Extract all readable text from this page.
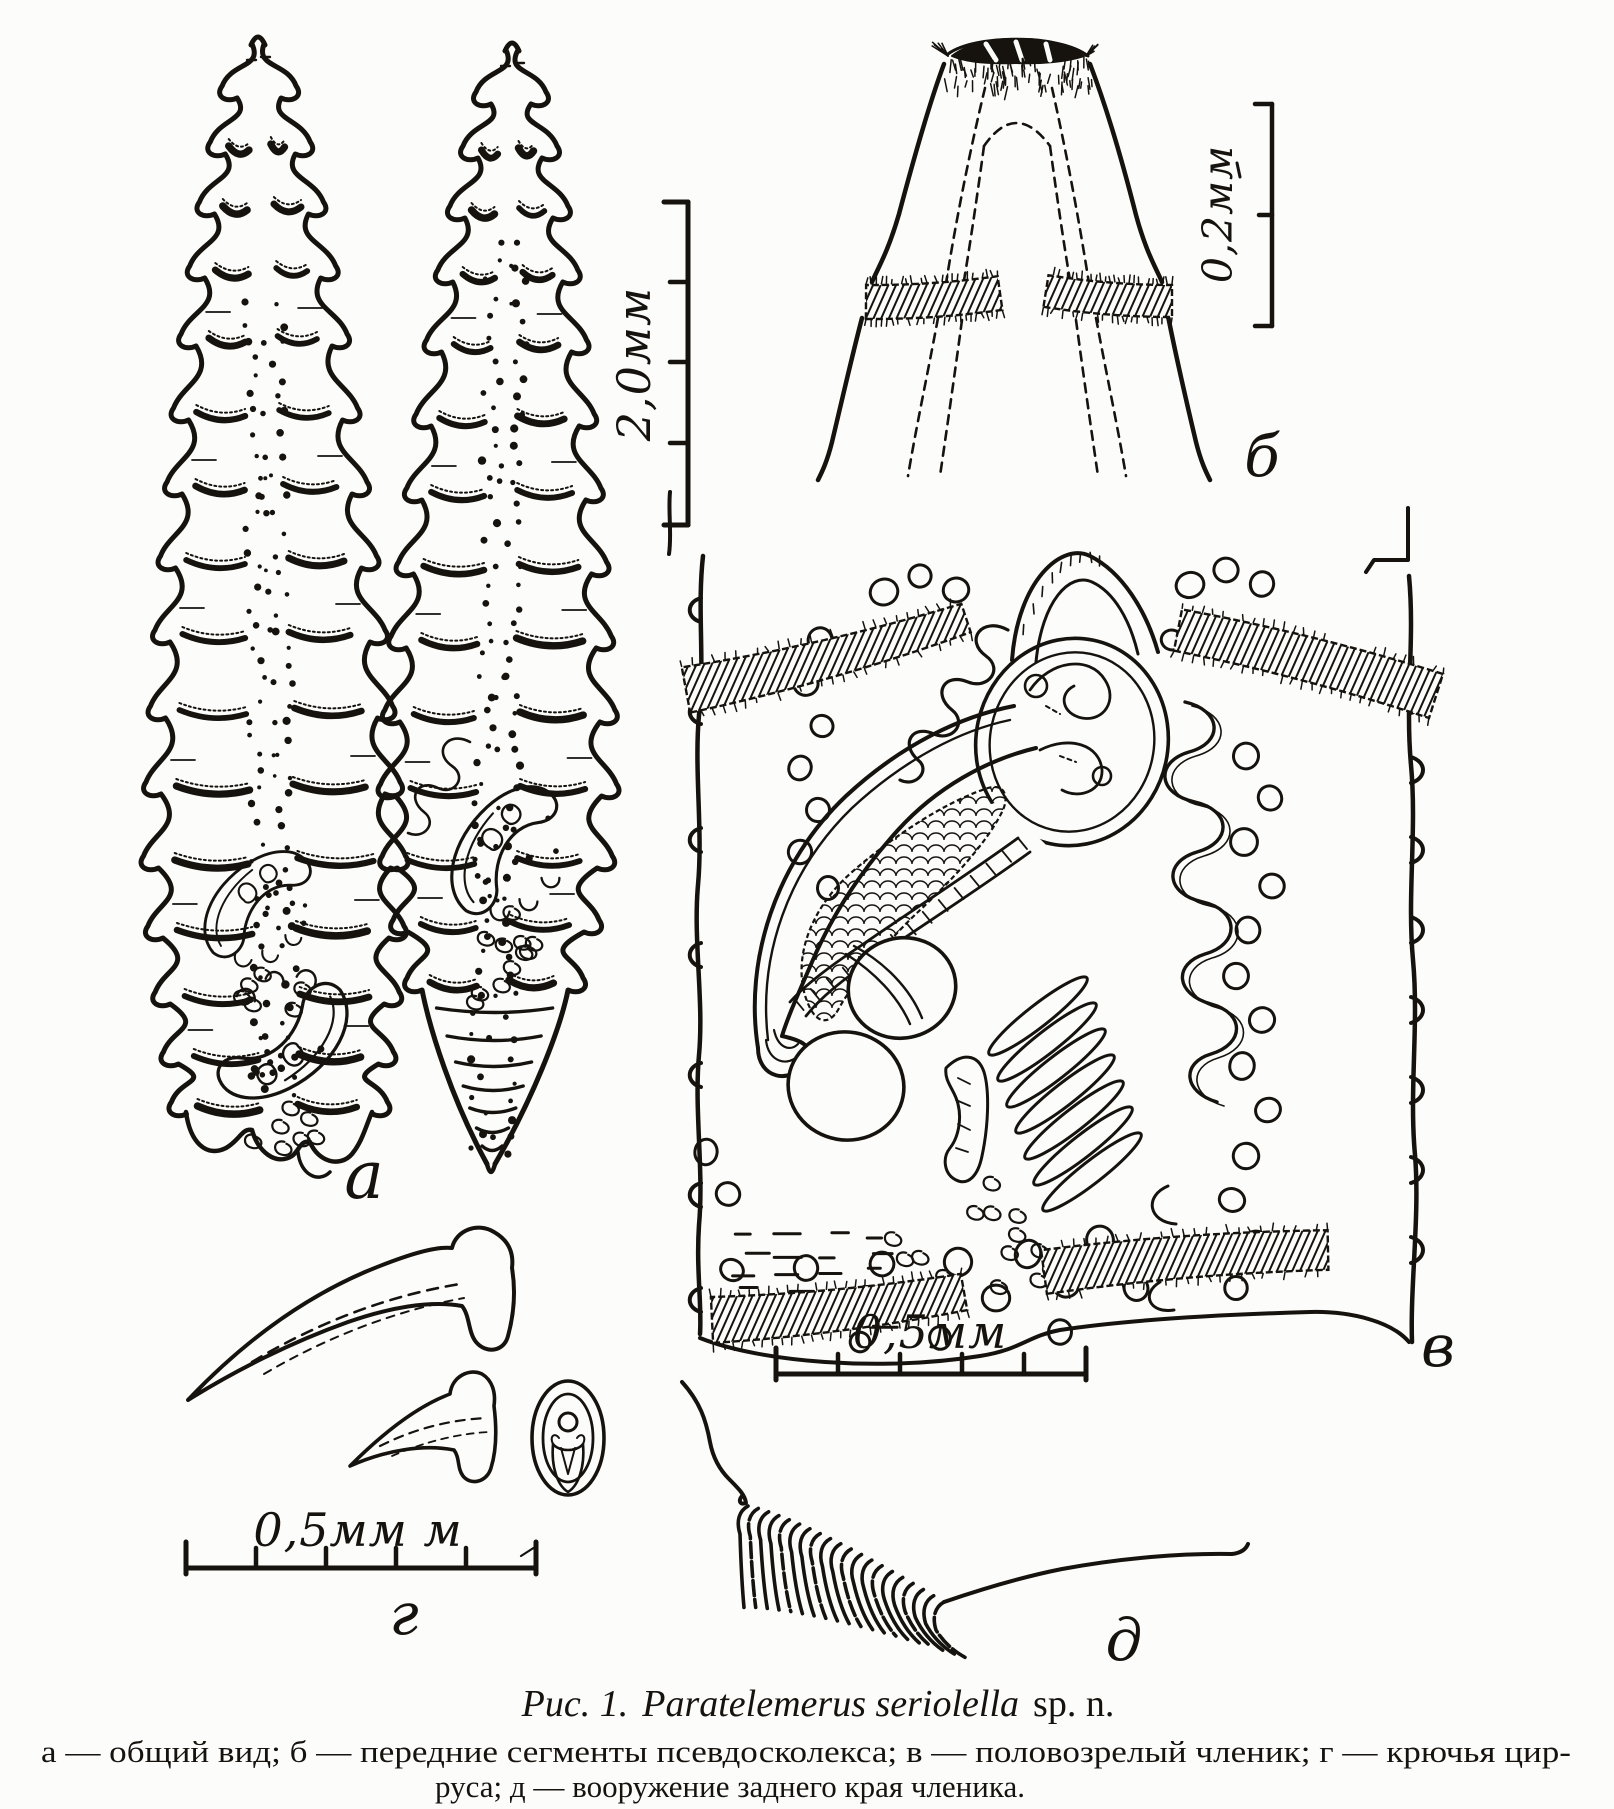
а
б
в
г	д
2,0мм
0,2мм
0,5мм
0,5мм м
Рис. 1. Paratelemerus seriolella sp. n.
а — общий вид; б — передние сегменты псевдосколекса; в — половозрелый членик; г — крючья цир-
руса; д — вооружение заднего края членика.
